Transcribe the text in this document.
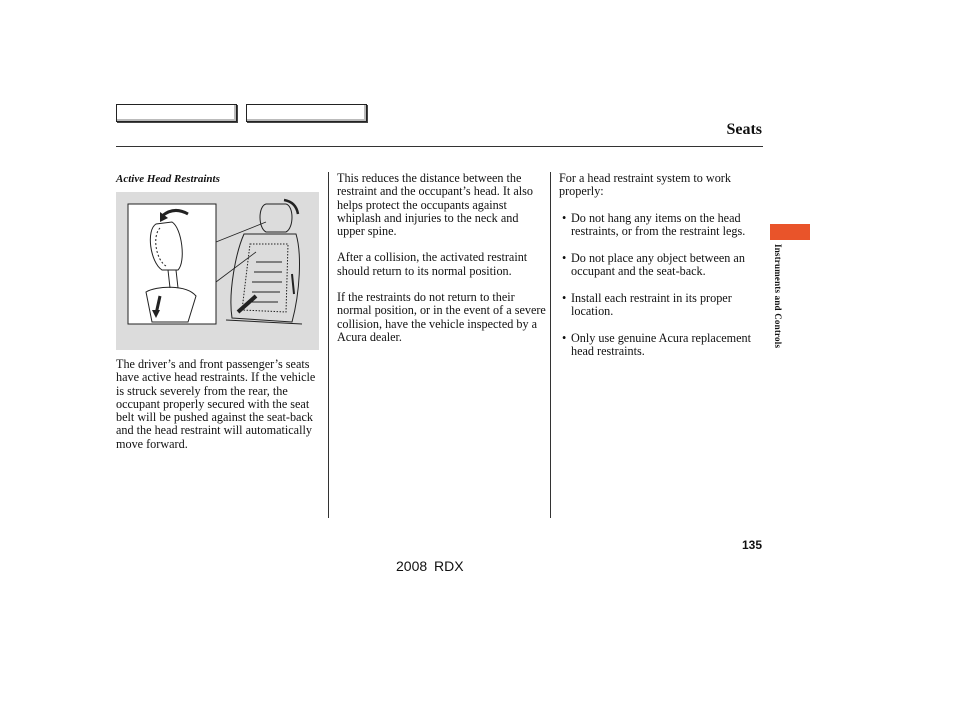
Seats
Active Head Restraints

The driver’s and front passenger’s seats have active head restraints. If the vehicle is struck severely from the rear, the occupant properly secured with the seat belt will be pushed against the seat-back and the head restraint will automatically move forward.

This reduces the distance between the restraint and the occupant’s head. It also helps protect the occupants against whiplash and injuries to the neck and upper spine.

After a collision, the activated restraint should return to its normal position.

If the restraints do not return to their normal position, or in the event of a severe collision, have the vehicle inspected by a Acura dealer.

For a head restraint system to work properly:

• Do not hang any items on the head restraints, or from the restraint legs.
• Do not place any object between an occupant and the seat-back.
• Install each restraint in its proper location.
• Only use genuine Acura replacement head restraints.
Instruments and Controls
135
2008 RDX
